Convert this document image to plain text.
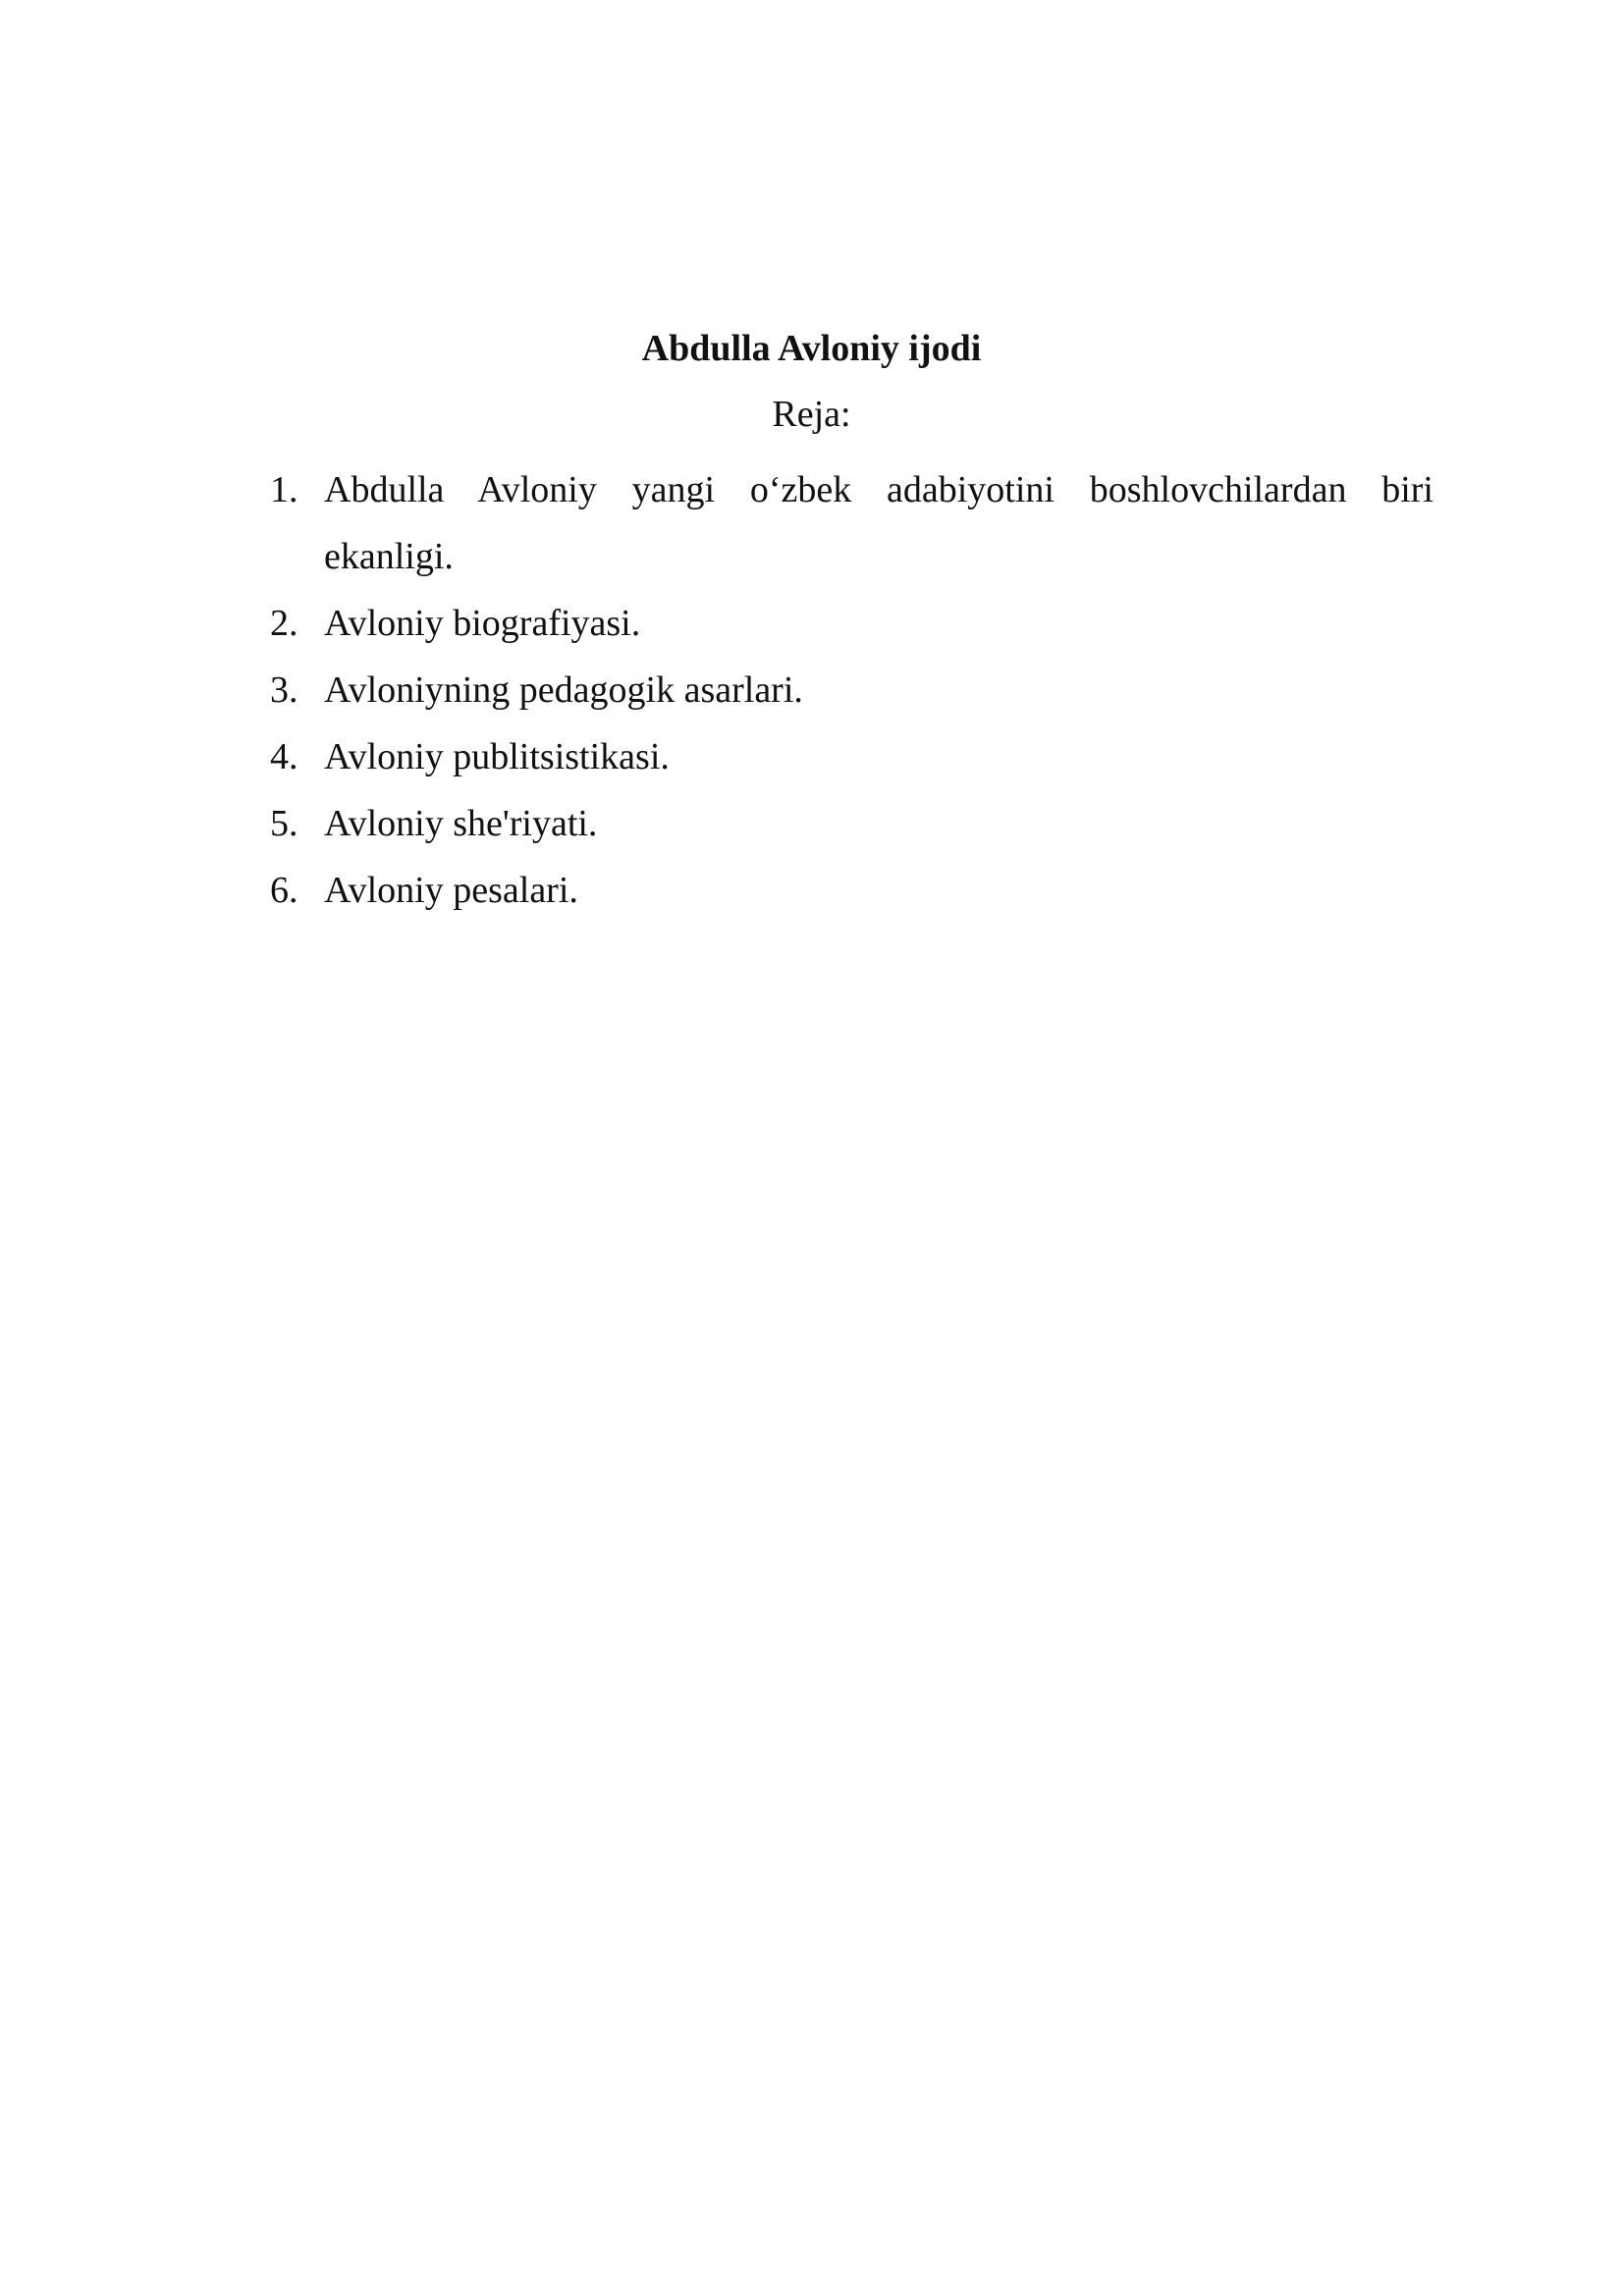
Abdulla Avloniy ijodi
Reja:
1. Abdulla Avloniy yangi o‘zbek adabiyotini boshlovchilardan biri
ekanligi.
2. Avloniy biografiyasi.
3. Avloniyning pedagogik asarlari.
4. Avloniy publitsistikasi.
5. Avloniy she'riyati.
6. Avloniy pesalari.
